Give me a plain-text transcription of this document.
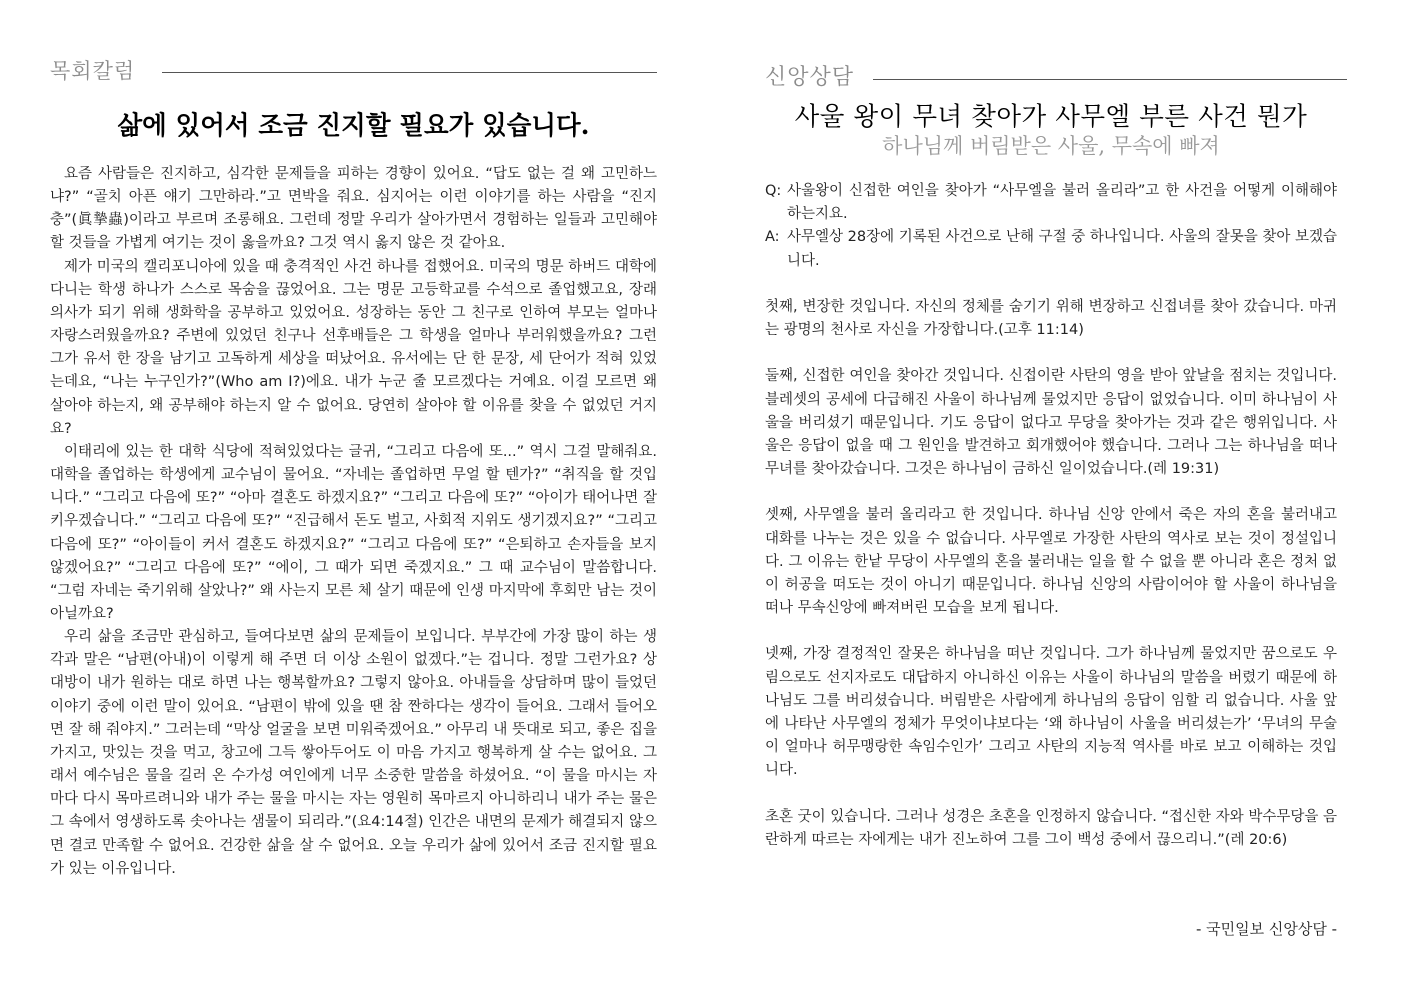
목회칼럼
삶에 있어서 조금 진지할 필요가 있습니다.

요즘 사람들은 진지하고, 심각한 문제들을 피하는 경향이 있어요. “답도 없는 걸 왜 고민하느냐?” “골치 아픈 얘기 그만하라.”고 면박을 줘요. 심지어는 이런 이야기를 하는 사람을 “진지충”(眞摯蟲)이라고 부르며 조롱해요. 그런데 정말 우리가 살아가면서 경험하는 일들과 고민해야 할 것들을 가볍게 여기는 것이 옳을까요? 그것 역시 옳지 않은 것 같아요.

제가 미국의 캘리포니아에 있을 때 충격적인 사건 하나를 접했어요. 미국의 명문 하버드 대학에 다니는 학생 하나가 스스로 목숨을 끊었어요. 그는 명문 고등학교를 수석으로 졸업했고요, 장래 의사가 되기 위해 생화학을 공부하고 있었어요. 성장하는 동안 그 친구로 인하여 부모는 얼마나 자랑스러웠을까요? 주변에 있었던 친구나 선후배들은 그 학생을 얼마나 부러워했을까요? 그런 그가 유서 한 장을 남기고 고독하게 세상을 떠났어요. 유서에는 단 한 문장, 세 단어가 적혀 있었는데요, “나는 누구인가?”(Who am I?)에요. 내가 누군 줄 모르겠다는 거예요. 이걸 모르면 왜 살아야 하는지, 왜 공부해야 하는지 알 수 없어요. 당연히 살아야 할 이유를 찾을 수 없었던 거지요?

이태리에 있는 한 대학 식당에 적혀있었다는 글귀, “그리고 다음에 또...” 역시 그걸 말해줘요. 대학을 졸업하는 학생에게 교수님이 물어요. “자네는 졸업하면 무얼 할 텐가?” “취직을 할 것입니다.” “그리고 다음에 또?” “아마 결혼도 하겠지요?” “그리고 다음에 또?” “아이가 태어나면 잘 키우겠습니다.” “그리고 다음에 또?” “진급해서 돈도 벌고, 사회적 지위도 생기겠지요?” “그리고 다음에 또?” “아이들이 커서 결혼도 하겠지요?” “그리고 다음에 또?” “은퇴하고 손자들을 보지 않겠어요?” “그리고 다음에 또?” “에이, 그 때가 되면 죽겠지요.” 그 때 교수님이 말씀합니다. “그럼 자네는 죽기위해 살았나?” 왜 사는지 모른 체 살기 때문에 인생 마지막에 후회만 남는 것이 아닐까요?

우리 삶을 조금만 관심하고, 들여다보면 삶의 문제들이 보입니다. 부부간에 가장 많이 하는 생각과 말은 “남편(아내)이 이렇게 해 주면 더 이상 소원이 없겠다.”는 겁니다. 정말 그런가요? 상대방이 내가 원하는 대로 하면 나는 행복할까요? 그렇지 않아요. 아내들을 상담하며 많이 들었던 이야기 중에 이런 말이 있어요. “남편이 밖에 있을 땐 참 짠하다는 생각이 들어요. 그래서 들어오면 잘 해 줘야지.” 그러는데 “막상 얼굴을 보면 미워죽겠어요.” 아무리 내 뜻대로 되고, 좋은 집을 가지고, 맛있는 것을 먹고, 창고에 그득 쌓아두어도 이 마음 가지고 행복하게 살 수는 없어요. 그래서 예수님은 물을 길러 온 수가성 여인에게 너무 소중한 말씀을 하셨어요. “이 물을 마시는 자마다 다시 목마르려니와 내가 주는 물을 마시는 자는 영원히 목마르지 아니하리니 내가 주는 물은 그 속에서 영생하도록 솟아나는 샘물이 되리라.”(요4:14절) 인간은 내면의 문제가 해결되지 않으면 결코 만족할 수 없어요. 건강한 삶을 살 수 없어요. 오늘 우리가 삶에 있어서 조금 진지할 필요가 있는 이유입니다.

신앙상담
사울 왕이 무녀 찾아가 사무엘 부른 사건 뭔가
하나님께 버림받은 사울, 무속에 빠져
Q: 사울왕이 신접한 여인을 찾아가 “사무엘을 불러 올리라”고 한 사건을 어떻게 이해해야 하는지요.
A: 사무엘상 28장에 기록된 사건으로 난해 구절 중 하나입니다. 사울의 잘못을 찾아 보겠습니다.

첫째, 변장한 것입니다. 자신의 정체를 숨기기 위해 변장하고 신접녀를 찾아 갔습니다. 마귀는 광명의 천사로 자신을 가장합니다.(고후 11:14)

둘째, 신접한 여인을 찾아간 것입니다. 신접이란 사탄의 영을 받아 앞날을 점치는 것입니다. 블레셋의 공세에 다급해진 사울이 하나님께 물었지만 응답이 없었습니다. 이미 하나님이 사울을 버리셨기 때문입니다. 기도 응답이 없다고 무당을 찾아가는 것과 같은 행위입니다. 사울은 응답이 없을 때 그 원인을 발견하고 회개했어야 했습니다. 그러나 그는 하나님을 떠나 무녀를 찾아갔습니다. 그것은 하나님이 금하신 일이었습니다.(레 19:31)

셋째, 사무엘을 불러 올리라고 한 것입니다. 하나님 신앙 안에서 죽은 자의 혼을 불러내고 대화를 나누는 것은 있을 수 없습니다. 사무엘로 가장한 사탄의 역사로 보는 것이 정설입니다. 그 이유는 한낱 무당이 사무엘의 혼을 불러내는 일을 할 수 없을 뿐 아니라 혼은 정처 없이 허공을 떠도는 것이 아니기 때문입니다. 하나님 신앙의 사람이어야 할 사울이 하나님을 떠나 무속신앙에 빠져버린 모습을 보게 됩니다.

넷째, 가장 결정적인 잘못은 하나님을 떠난 것입니다. 그가 하나님께 물었지만 꿈으로도 우림으로도 선지자로도 대답하지 아니하신 이유는 사울이 하나님의 말씀을 버렸기 때문에 하나님도 그를 버리셨습니다. 버림받은 사람에게 하나님의 응답이 임할 리 없습니다. 사울 앞에 나타난 사무엘의 정체가 무엇이냐보다는 ‘왜 하나님이 사울을 버리셨는가’ ‘무녀의 무술이 얼마나 허무맹랑한 속임수인가’ 그리고 사탄의 지능적 역사를 바로 보고 이해하는 것입니다.

초혼 굿이 있습니다. 그러나 성경은 초혼을 인정하지 않습니다. “접신한 자와 박수무당을 음란하게 따르는 자에게는 내가 진노하여 그를 그이 백성 중에서 끊으리니.”(레 20:6)

- 국민일보 신앙상담 -
